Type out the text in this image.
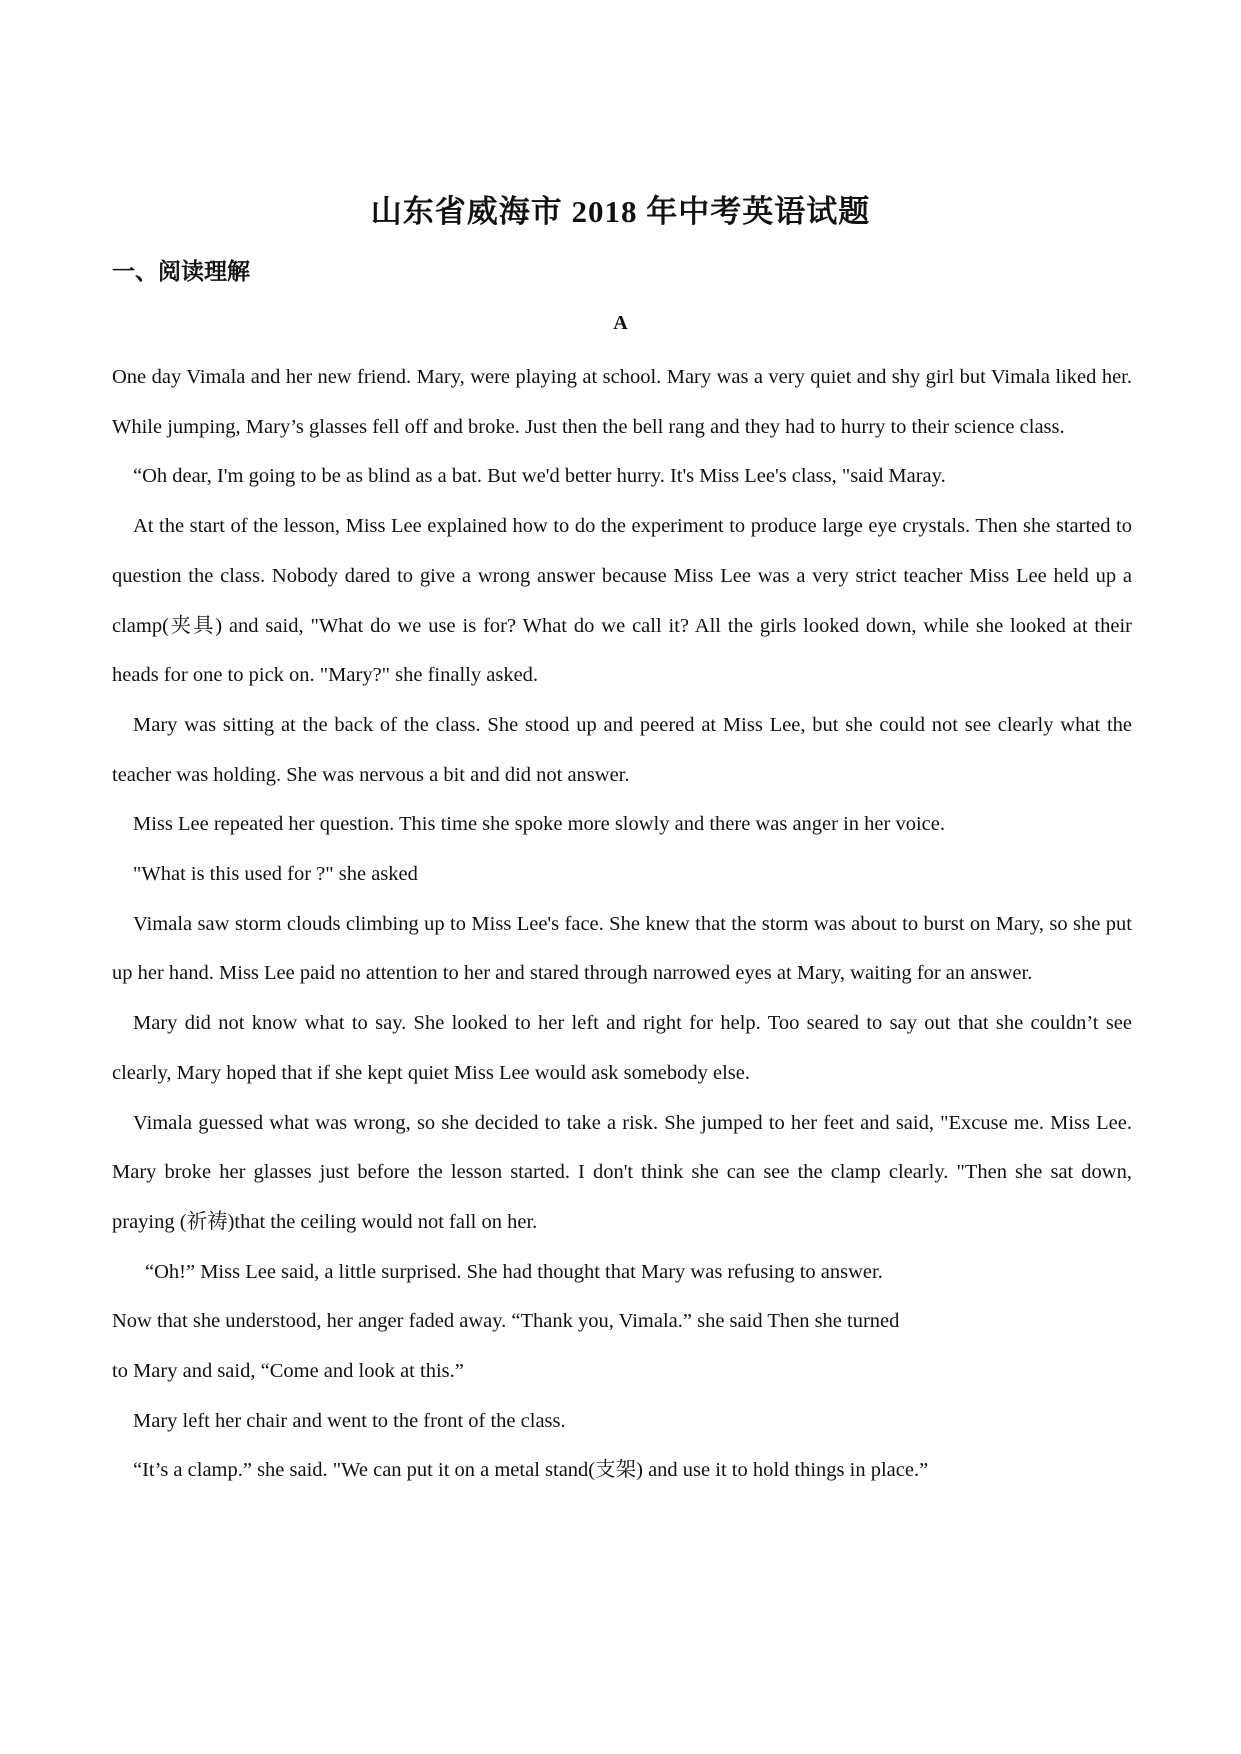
山东省威海市 2018 年中考英语试题
一、阅读理解
A

One day Vimala and her new friend. Mary, were playing at school. Mary was a very quiet and shy girl but Vimala liked her. While jumping, Mary’s glasses fell off and broke. Just then the bell rang and they had to hurry to their science class.

“Oh dear, I'm going to be as blind as a bat. But we'd better hurry. It's Miss Lee's class, "said Maray.

At the start of the lesson, Miss Lee explained how to do the experiment to produce large eye crystals. Then she started to question the class. Nobody dared to give a wrong answer because Miss Lee was a very strict teacher Miss Lee held up a clamp(夹具) and said, "What do we use is for? What do we call it? All the girls looked down, while she looked at their heads for one to pick on. "Mary?" she finally asked.

Mary was sitting at the back of the class. She stood up and peered at Miss Lee, but she could not see clearly what the teacher was holding. She was nervous a bit and did not answer.

Miss Lee repeated her question. This time she spoke more slowly and there was anger in her voice.

"What is this used for ?" she asked

Vimala saw storm clouds climbing up to Miss Lee's face. She knew that the storm was about to burst on Mary, so she put up her hand. Miss Lee paid no attention to her and stared through narrowed eyes at Mary, waiting for an answer.

Mary did not know what to say. She looked to her left and right for help. Too seared to say out that she couldn’t see clearly, Mary hoped that if she kept quiet Miss Lee would ask somebody else.

Vimala guessed what was wrong, so she decided to take a risk. She jumped to her feet and said, "Excuse me. Miss Lee. Mary broke her glasses just before the lesson started. I don't think she can see the clamp clearly. "Then she sat down, praying (祈祷)that the ceiling would not fall on her.

“Oh!” Miss Lee said, a little surprised. She had thought that Mary was refusing to answer.

Now that she understood, her anger faded away. “Thank you, Vimala.” she said Then she turned

to Mary and said, “Come and look at this.”

Mary left her chair and went to the front of the class.

“It’s a clamp.” she said. "We can put it on a metal stand(支架) and use it to hold things in place.”
